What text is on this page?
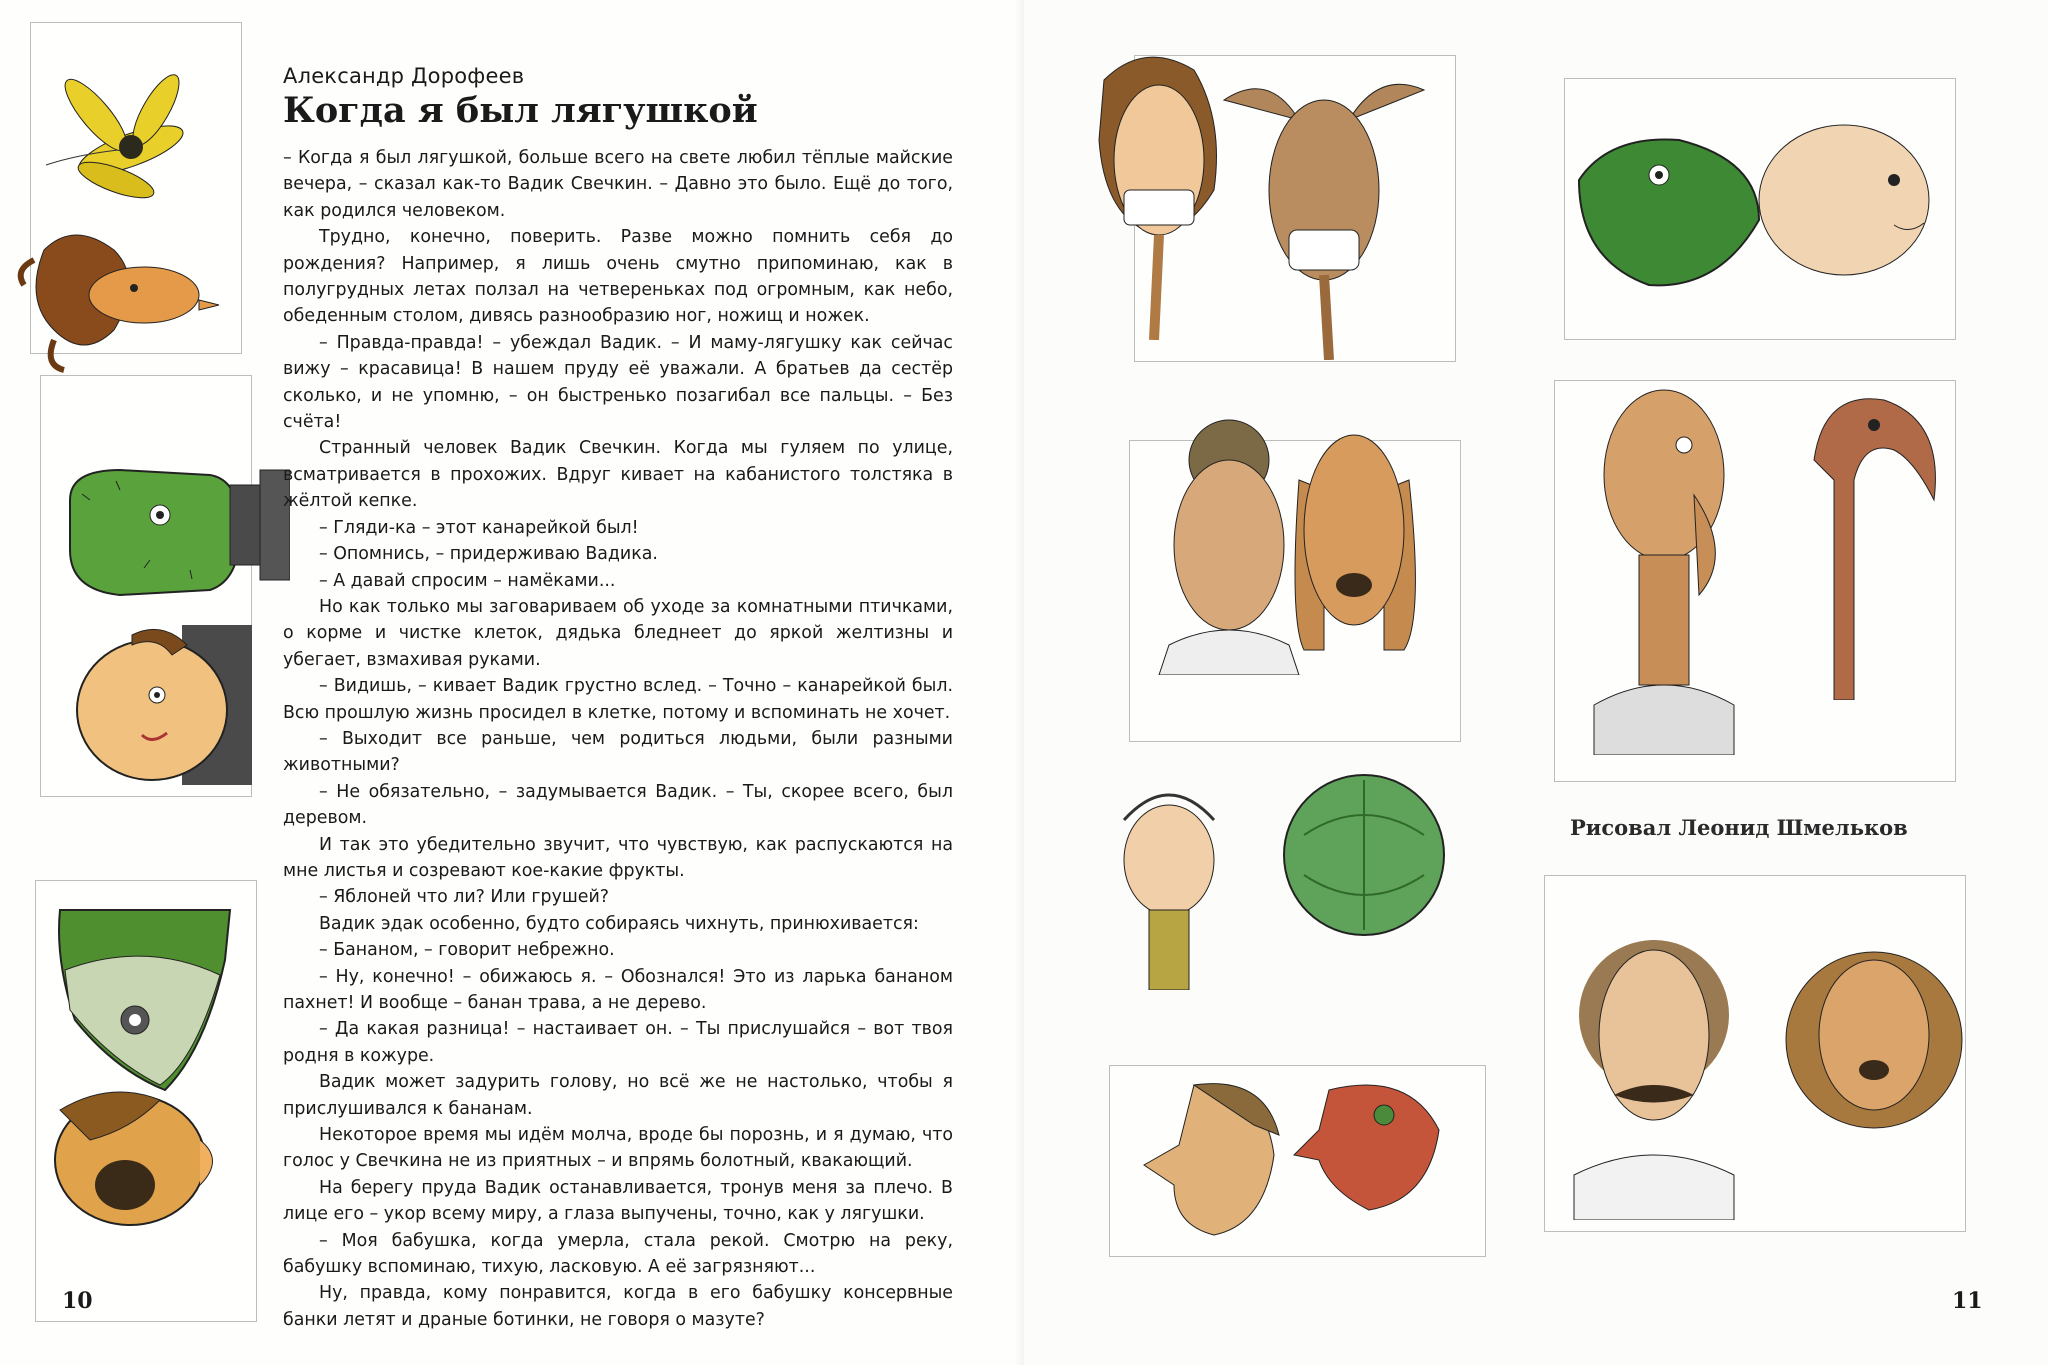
Александр Дорофеев
Когда я был лягушкой

– Когда я был лягушкой, больше всего на свете любил тёплые майские вечера, – сказал как-то Вадик Свечкин. – Давно это было. Ещё до того, как родился человеком.

Трудно, конечно, поверить. Разве можно помнить себя до рождения? Например, я лишь очень смутно припоминаю, как в полугрудных летах ползал на четвереньках под огромным, как небо, обеденным столом, дивясь разнообразию ног, ножищ и ножек.

– Правда-правда! – убеждал Вадик. – И маму-лягушку как сейчас вижу – красавица! В нашем пруду её уважали. А братьев да сестёр сколько, и не упомню, – он быстренько позагибал все пальцы. – Без счёта!

Странный человек Вадик Свечкин. Когда мы гуляем по улице, всматривается в прохожих. Вдруг кивает на кабанистого толстяка в жёлтой кепке.

– Гляди-ка – этот канарейкой был!

– Опомнись, – придерживаю Вадика.

– А давай спросим – намёками...

Но как только мы заговариваем об уходе за комнатными птичками, о корме и чистке клеток, дядька бледнеет до яркой желтизны и убегает, взмахивая руками.

– Видишь, – кивает Вадик грустно вслед. – Точно – канарейкой был. Всю прошлую жизнь просидел в клетке, потому и вспоминать не хочет.

– Выходит все раньше, чем родиться людьми, были разными животными?

– Не обязательно, – задумывается Вадик. – Ты, скорее всего, был деревом.

И так это убедительно звучит, что чувствую, как распускаются на мне листья и созревают кое-какие фрукты.

– Яблоней что ли? Или грушей?

Вадик эдак особенно, будто собираясь чихнуть, принюхивается:

– Бананом, – говорит небрежно.

– Ну, конечно! – обижаюсь я. – Обознался! Это из ларька бананом пахнет! И вообще – банан трава, а не дерево.

– Да какая разница! – настаивает он. – Ты прислушайся – вот твоя родня в кожуре.

Вадик может задурить голову, но всё же не настолько, чтобы я прислушивался к бананам.

Некоторое время мы идём молча, вроде бы порознь, и я думаю, что голос у Свечкина не из приятных – и впрямь болотный, квакающий.

На берегу пруда Вадик останавливается, тронув меня за плечо. В лице его – укор всему миру, а глаза выпучены, точно, как у лягушки.

– Моя бабушка, когда умерла, стала рекой. Смотрю на реку, бабушку вспоминаю, тихую, ласковую. А её загрязняют...

Ну, правда, кому понравится, когда в его бабушку консервные банки летят и драные ботинки, не говоря о мазуте?

10
Рисовал Леонид Шмельков
11
